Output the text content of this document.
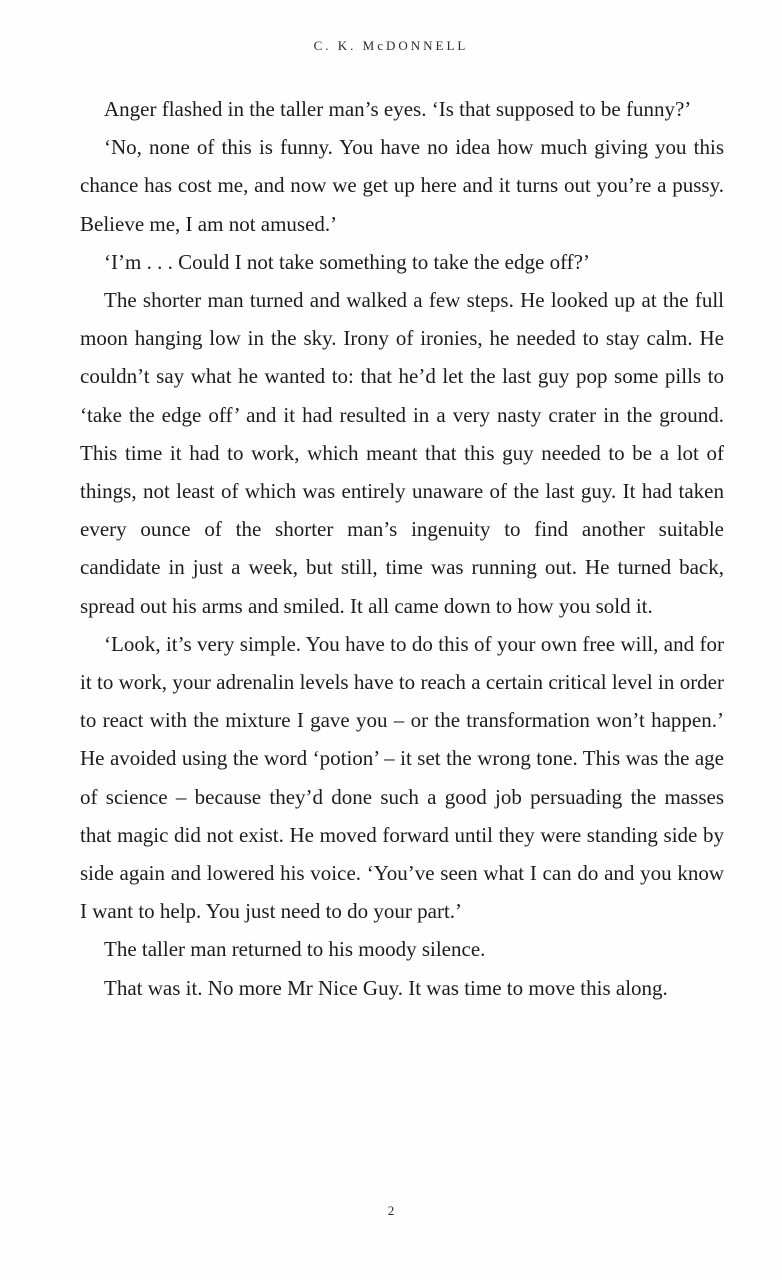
C. K. McDONNELL

Anger flashed in the taller man’s eyes. ‘Is that supposed to be funny?’

‘No, none of this is funny. You have no idea how much giving you this chance has cost me, and now we get up here and it turns out you’re a pussy. Believe me, I am not amused.’

‘I’m . . . Could I not take something to take the edge off?’

The shorter man turned and walked a few steps. He looked up at the full moon hanging low in the sky. Irony of ironies, he needed to stay calm. He couldn’t say what he wanted to: that he’d let the last guy pop some pills to ‘take the edge off’ and it had resulted in a very nasty crater in the ground. This time it had to work, which meant that this guy needed to be a lot of things, not least of which was entirely unaware of the last guy. It had taken every ounce of the shorter man’s ingenuity to find another suitable candidate in just a week, but still, time was running out. He turned back, spread out his arms and smiled. It all came down to how you sold it.

‘Look, it’s very simple. You have to do this of your own free will, and for it to work, your adrenalin levels have to reach a certain critical level in order to react with the mixture I gave you – or the transformation won’t happen.’ He avoided using the word ‘potion’ – it set the wrong tone. This was the age of science – because they’d done such a good job persuading the masses that magic did not exist. He moved forward until they were standing side by side again and lowered his voice. ‘You’ve seen what I can do and you know I want to help. You just need to do your part.’

The taller man returned to his moody silence.

That was it. No more Mr Nice Guy. It was time to move this along.

2
